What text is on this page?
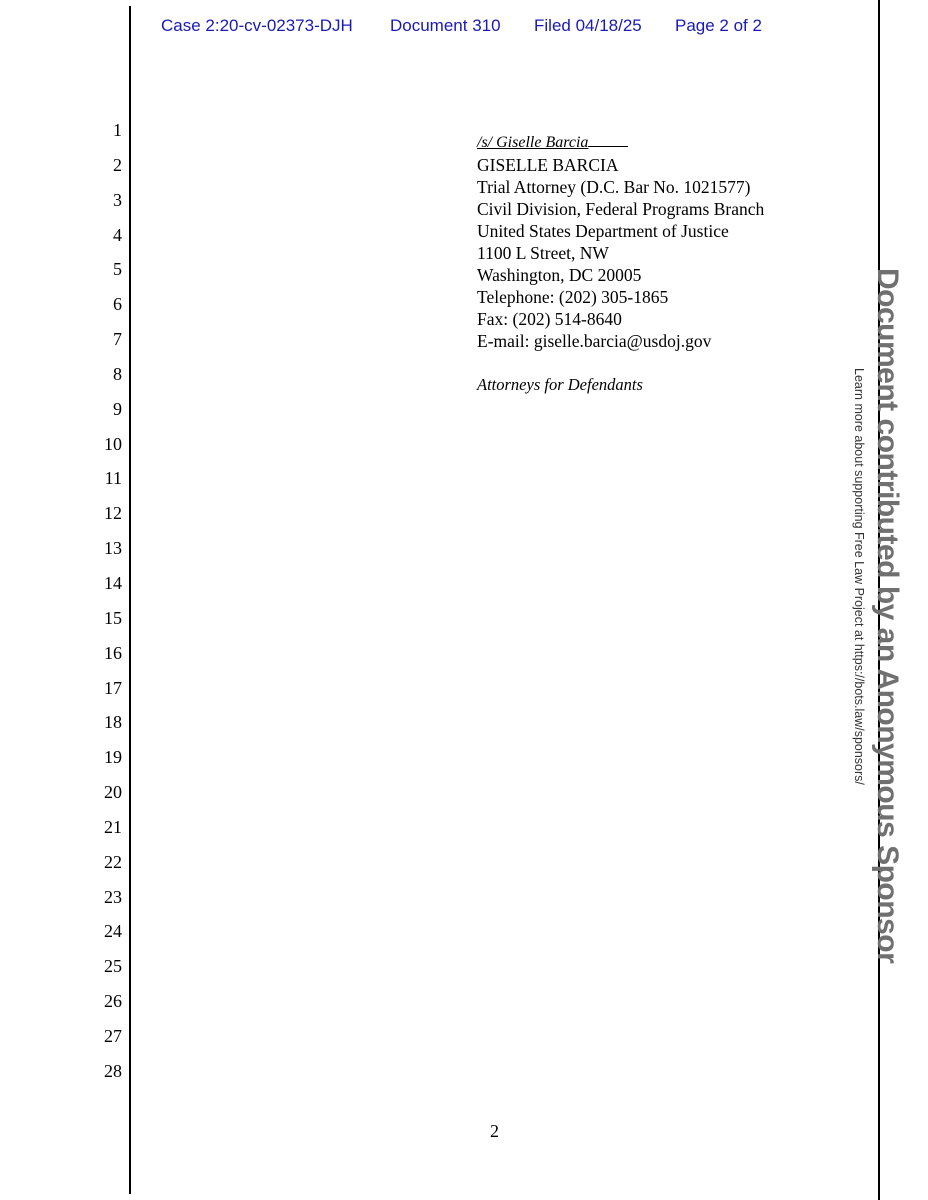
Case 2:20-cv-02373-DJH Document 310 Filed 04/18/25 Page 2 of 2
1
2
3
4
5
6
7
8
9
10
11
12
13
14
15
16
17
18
19
20
21
22
23
24
25
26
27
28
/s/ Giselle Barcia
GISELLE BARCIA
Trial Attorney (D.C. Bar No. 1021577)
Civil Division, Federal Programs Branch
United States Department of Justice
1100 L Street, NW
Washington, DC 20005
Telephone: (202) 305-1865
Fax: (202) 514-8640
E-mail: giselle.barcia@usdoj.gov
Attorneys for Defendants
2
Document contributed by an Anonymous Sponsor
Learn more about supporting Free Law Project at https://bots.law/sponsors/
